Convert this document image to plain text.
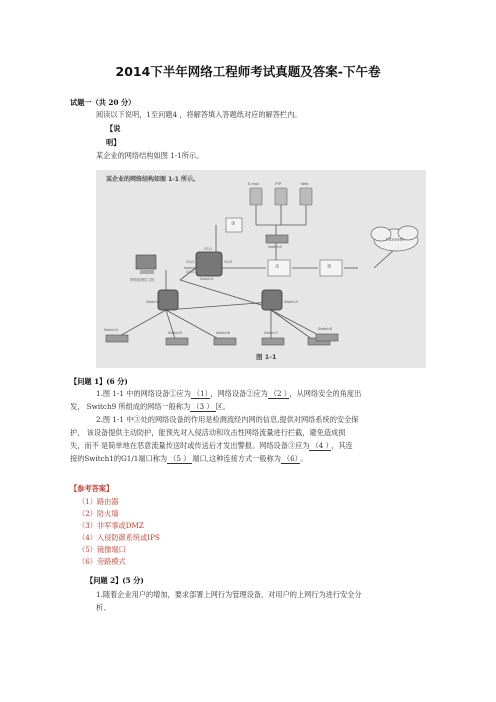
2014下半年网络工程师考试真题及答案-下午卷
试题一（共 20 分）
阅读以下说明，1至问题4 ，将解答填入答题纸对应的解答栏内。
【说
明】
某企业的网络结构如图 1-1所示。
某企业的网络结构如图 1-1 所示。
E-mail	FTP	Web
Switch9
Switch1
Switch2	Switch3
Switch4
Switch5	Switch6	Switch7
Switch8
③
①	②
G1/1
G1/2	G1/3
G1/4
网络管理员主机
Internet
图 1-1
【问题 1】(6 分)
1.图 1-1 中的网络设备①应为 （1） ，网络设备②应为 （2 ） ，从网络安全的角度出
发， Switch9 所组成的网络一般称为 （3 ） 区。
2.图 1-1 中③处的网络设备的作用是检测流经内网的信息,提供对网络系统的安全保
护， 该设备提供主动防护，能预先对入侵活动和攻击性网络流量进行拦截，避免造成损
失，而不 是简单地在恶意流量传送时或传送后才发出警报。网络设备③应为 （4 ） ，其连
接的Switch1的G1/1端口称为 （5 ） 端口,这种连接方式一般称为 （6） 。
【参考答案】
（1）路由器
（2）防火墙
（3）非军事或DMZ
（4）入侵防御系统或IPS
（5）镜像端口
（6）旁路模式
【问题 2】(5 分)
1.随着企业用户的增加，要求部署上网行为管理设备，对用户的上网行为进行安全分
析、
